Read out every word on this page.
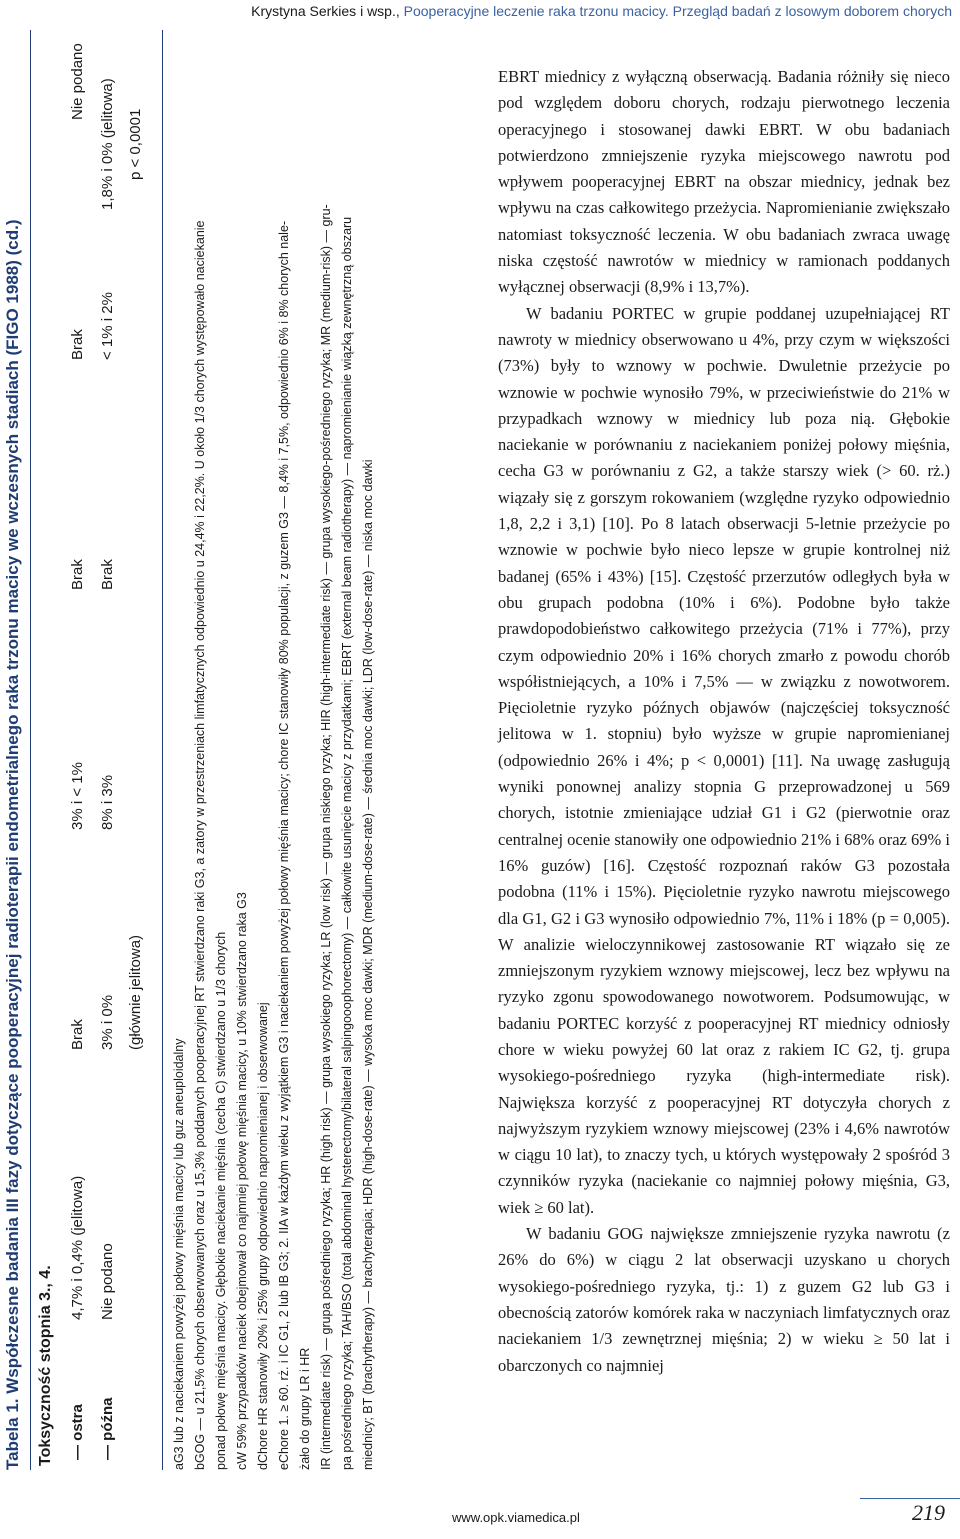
Krystyna Serkies i wsp., Pooperacyjne leczenie raka trzonu macicy. Przegląd badań z losowym doborem chorych
Tabela 1. Współczesne badania III fazy dotyczące pooperacyjnej radioterapii endometrialnego raka trzonu macicy we wczesnych stadiach (FIGO 1988) (cd.) Toksyczność stopnia 3., 4.	— ostra
4,7% i 0,4% (jelitowa)
Brak
3% i < 1%
Brak
Brak
Nie podano
— późna
Nie podano
3% i 0%
8% i 3%
Brak
< 1% i 2%
1,8% i 0% (jelitowa)
(głównie jelitowa)
p < 0,0001
aG3 lub z naciekaniem powyżej połowy mięśnia macicy lub guz aneuploidalny bGOG — u 21,5% chorych obserwowanych oraz u 15,3% poddanych pooperacyjnej RT stwierdzano raki G3, a zatory w przestrzeniach limfatycznych odpowiednio u 24,4% i 22,2%. U około 1/3 chorych występowało naciekanie ponad połowę mięśnia macicy. Głębokie naciekanie mięśnia (cecha C) stwierdzano u 1/3 chorych cW 59% przypadków naciek obejmował co najmniej połowę mięśnia macicy, u 10% stwierdzano raka G3 dChore HR stanowiły 20% i 25% grupy odpowiednio napromienianej i obserwowanej eChore 1. ≥ 60. rż. i IC G1, 2 lub IB G3; 2. IIA w każdym wieku z wyjątkiem G3 i naciekaniem powyżej połowy mięśnia macicy; chore IC stanowiły 80% populacji, z guzem G3 — 8,4% i 7,5%, odpowiednio 6% i 8% chorych nale- żało do grupy LR i HR IR (intermediate risk) — grupa pośredniego ryzyka; HR (high risk) — grupa wysokiego ryzyka; LR (low risk) — grupa niskiego ryzyka; HIR (high-intermediate risk) — grupa wysokiego-pośredniego ryzyka; MR (medium-risk) — gru- pa pośredniego ryzyka; TAH/BSO (total abdominal hysterectomy/bilateral salpingooophorectomy) — całkowite usunięcie macicy z przydatkami; EBRT (external beam radiotherapy) — napromienianie wiązką zewnętrzną obszaru miednicy; BT (brachytherapy) — brachyterapia; HDR (high-dose-rate) — wysoka moc dawki; MDR (medium-dose-rate) — średnia moc dawki; LDR (low-dose-rate) — niska moc dawki

EBRT miednicy z wyłączną obserwacją. Badania różniły się nieco pod względem doboru chorych, rodzaju pierwotnego leczenia operacyjnego i stosowanej dawki EBRT. W obu badaniach potwierdzono zmniejszenie ryzyka miejscowego nawrotu pod wpływem pooperacyjnej EBRT na obszar miednicy, jednak bez wpływu na czas całkowitego przeżycia. Napromienianie zwiększało natomiast toksyczność leczenia. W obu badaniach zwraca uwagę niska częstość nawrotów w miednicy w ramionach poddanych wyłącznej obserwacji (8,9% i 13,7%).

W badaniu PORTEC w grupie poddanej uzupełniającej RT nawroty w miednicy obserwowano u 4%, przy czym w większości (73%) były to wznowy w pochwie. Dwuletnie przeżycie po wznowie w pochwie wynosiło 79%, w przeciwieństwie do 21% w przypadkach wznowy w miednicy lub poza nią. Głębokie naciekanie w porównaniu z naciekaniem poniżej połowy mięśnia, cecha G3 w porównaniu z G2, a także starszy wiek (> 60. rż.) wiązały się z gorszym rokowaniem (względne ryzyko odpowiednio 1,8, 2,2 i 3,1) [10]. Po 8 latach obserwacji 5-letnie przeżycie po wznowie w pochwie było nieco lepsze w grupie kontrolnej niż badanej (65% i 43%) [15]. Częstość przerzutów odległych była w obu grupach podobna (10% i 6%). Podobne było także prawdopodobieństwo całkowitego przeżycia (71% i 77%), przy czym odpowiednio 20% i 16% chorych zmarło z powodu chorób współistniejących, a 10% i 7,5% — w związku z nowotworem. Pięcioletnie ryzyko późnych objawów (najczęściej toksyczność jelitowa w 1. stopniu) było wyższe w grupie napromienianej (odpowiednio 26% i 4%; p < 0,0001) [11]. Na uwagę zasługują wyniki ponownej analizy stopnia G przeprowadzonej u 569 chorych, istotnie zmieniające udział G1 i G2 (pierwotnie oraz centralnej ocenie stanowiły one odpowiednio 21% i 68% oraz 69% i 16% guzów) [16]. Częstość rozpoznań raków G3 pozostała podobna (11% i 15%). Pięcioletnie ryzyko nawrotu miejscowego dla G1, G2 i G3 wynosiło odpowiednio 7%, 11% i 18% (p = 0,005). W analizie wieloczynnikowej zastosowanie RT wiązało się ze zmniejszonym ryzykiem wznowy miejscowej, lecz bez wpływu na ryzyko zgonu spowodowanego nowotworem. Podsumowując, w badaniu PORTEC korzyść z pooperacyjnej RT miednicy odniosły chore w wieku powyżej 60 lat oraz z rakiem IC G2, tj. grupa wysokiego-pośredniego ryzyka (high-intermediate risk). Największa korzyść z pooperacyjnej RT dotyczyła chorych z najwyższym ryzykiem wznowy miejscowej (23% i 4,6% nawrotów w ciągu 10 lat), to znaczy tych, u których występowały 2 spośród 3 czynników ryzyka (naciekanie co najmniej połowy mięśnia, G3, wiek ≥ 60 lat).

W badaniu GOG największe zmniejszenie ryzyka nawrotu (z 26% do 6%) w ciągu 2 lat obserwacji uzyskano u chorych wysokiego-pośredniego ryzyka, tj.: 1) z guzem G2 lub G3 i obecnością zatorów komórek raka w naczyniach limfatycznych oraz naciekaniem 1/3 zewnętrznej mięśnia; 2) w wieku ≥ 50 lat i obarczonych co najmniej

www.opk.viamedica.pl	219
